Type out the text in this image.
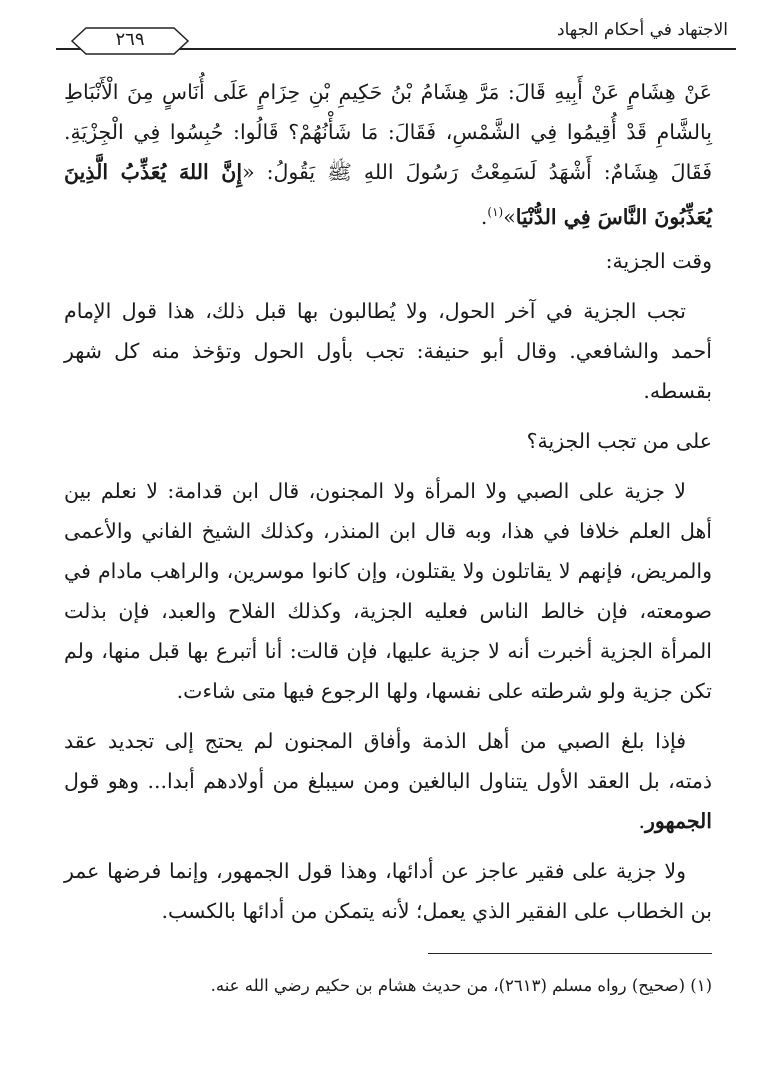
الاجتهاد في أحكام الجهاد
٢٦٩

عَنْ هِشَامٍ عَنْ أَبِيهِ قَالَ: مَرَّ هِشَامُ بْنُ حَكِيمِ بْنِ حِزَامٍ عَلَى أُنَاسٍ مِنَ الْأَنْبَاطِ بِالشَّامِ قَدْ أُقِيمُوا فِي الشَّمْسِ، فَقَالَ: مَا شَأْنُهُمْ؟ قَالُوا: حُبِسُوا فِي الْجِزْيَةِ. فَقَالَ هِشَامٌ: أَشْهَدُ لَسَمِعْتُ رَسُولَ اللهِ ﷺ يَقُولُ: «إِنَّ اللهَ يُعَذِّبُ الَّذِينَ يُعَذِّبُونَ النَّاسَ فِي الدُّنْيَا»$^{(١)}$.

وقت الجزية:

تجب الجزية في آخر الحول، ولا يُطالبون بها قبل ذلك، هذا قول الإمام أحمد والشافعي. وقال أبو حنيفة: تجب بأول الحول وتؤخذ منه كل شهر بقسطه.

على من تجب الجزية؟

لا جزية على الصبي ولا المرأة ولا المجنون، قال ابن قدامة: لا نعلم بين أهل العلم خلافا في هذا، وبه قال ابن المنذر، وكذلك الشيخ الفاني والأعمى والمريض، فإنهم لا يقاتلون ولا يقتلون، وإن كانوا موسرين، والراهب مادام في صومعته، فإن خالط الناس فعليه الجزية، وكذلك الفلاح والعبد، فإن بذلت المرأة الجزية أخبرت أنه لا جزية عليها، فإن قالت: أنا أتبرع بها قبل منها، ولم تكن جزية ولو شرطته على نفسها، ولها الرجوع فيها متى شاءت.

فإذا بلغ الصبي من أهل الذمة وأفاق المجنون لم يحتج إلى تجديد عقد ذمته، بل العقد الأول يتناول البالغين ومن سيبلغ من أولادهم أبدا... وهو قول الجمهور.

ولا جزية على فقير عاجز عن أدائها، وهذا قول الجمهور، وإنما فرضها عمر بن الخطاب على الفقير الذي يعمل؛ لأنه يتمكن من أدائها بالكسب.

(١) (صحيح) رواه مسلم (٢٦١٣)، من حديث هشام بن حكيم رضي الله عنه.
